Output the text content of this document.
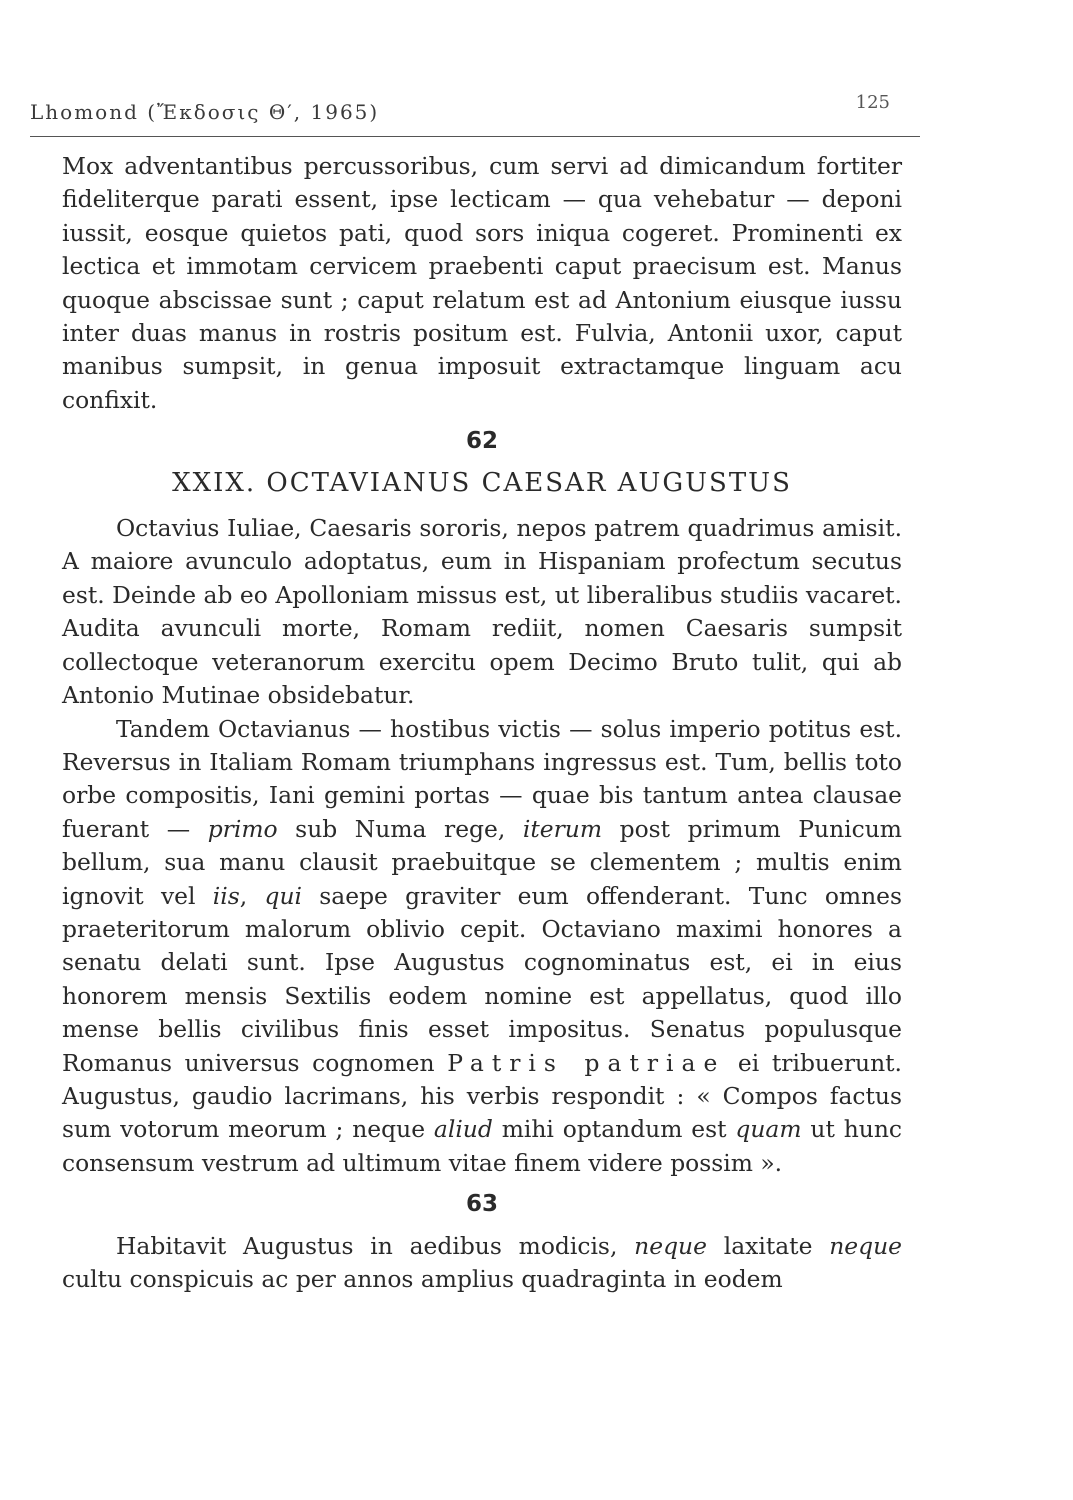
Lhomond (Ἔκδοσις Θ′, 1965)	125

Mox adventantibus percussoribus, cum servi ad dimicandum fortiter fideliterque parati essent, ipse lecticam — qua vehebatur — deponi iussit, eosque quietos pati, quod sors iniqua cogeret. Prominenti ex lectica et immotam cervicem praebenti caput praecisum est. Manus quoque abscissae sunt ; caput relatum est ad Antonium eiusque iussu inter duas manus in rostris positum est. Fulvia, Antonii uxor, caput manibus sumpsit, in genua imposuit extractamque linguam acu confixit.

62

XXIX. OCTAVIANUS CAESAR AUGUSTUS

Octavius Iuliae, Caesaris sororis, nepos patrem quadrimus amisit. A maiore avunculo adoptatus, eum in Hispaniam profectum secutus est. Deinde ab eo Apolloniam missus est, ut liberalibus studiis vacaret. Audita avunculi morte, Romam rediit, nomen Caesaris sumpsit collectoque veteranorum exercitu opem Decimo Bruto tulit, qui ab Antonio Mutinae obsidebatur.

Tandem Octavianus — hostibus victis — solus imperio potitus est. Reversus in Italiam Romam triumphans ingressus est. Tum, bellis toto orbe compositis, Iani gemini portas — quae bis tantum antea clausae fuerant — primo sub Numa rege, iterum post primum Punicum bellum, sua manu clausit praebuitque se clementem ; multis enim ignovit vel iis, qui saepe graviter eum offenderant. Tunc omnes praeteritorum malorum oblivio cepit. Octaviano maximi honores a senatu delati sunt. Ipse Augustus cognominatus est, ei in eius honorem mensis Sextilis eodem nomine est appellatus, quod illo mense bellis civilibus finis esset impositus. Senatus populusque Romanus universus cognomen Patris patriae ei tribuerunt. Augustus, gaudio lacrimans, his verbis respondit : « Compos factus sum votorum meorum ; neque aliud mihi optandum est quam ut hunc consensum vestrum ad ultimum vitae finem videre possim ».

63

Habitavit Augustus in aedibus modicis, neque laxitate neque cultu conspicuis ac per annos amplius quadraginta in eodem
